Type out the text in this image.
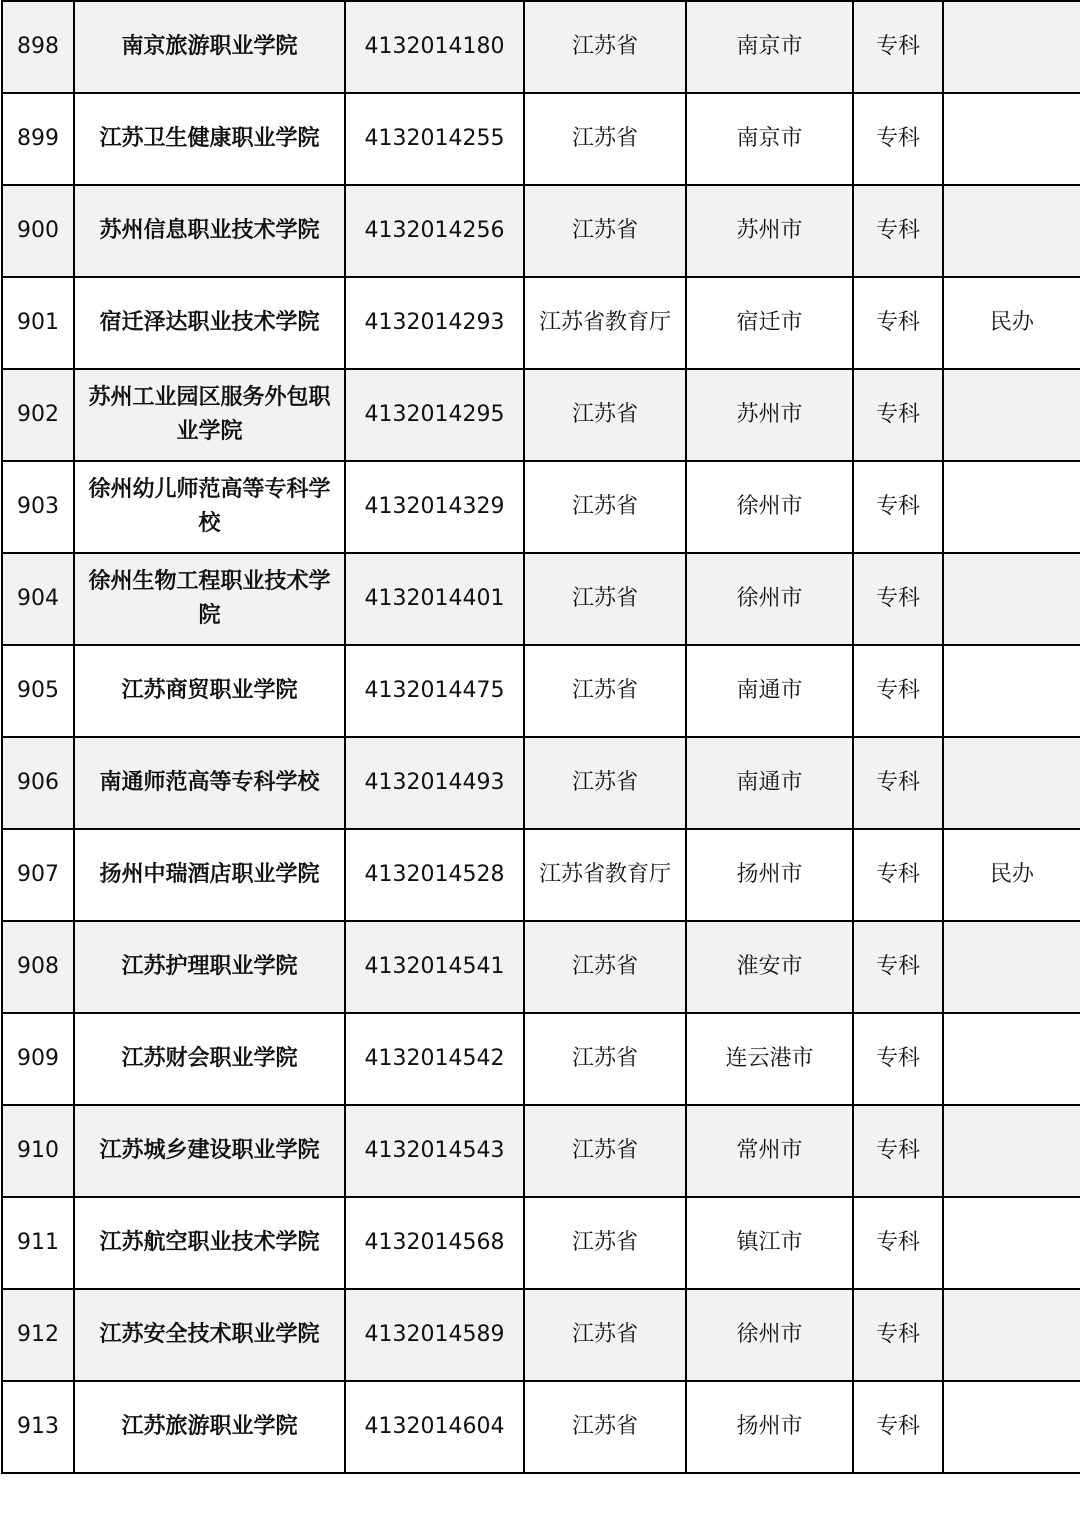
898	南京旅游职业学院	4132014180	江苏省	南京市	专科	
899	江苏卫生健康职业学院	4132014255	江苏省	南京市	专科	
900	苏州信息职业技术学院	4132014256	江苏省	苏州市	专科	
901	宿迁泽达职业技术学院	4132014293	江苏省教育厅	宿迁市	专科	民办
902	苏州工业园区服务外包职业学院	4132014295	江苏省	苏州市	专科	
903	徐州幼儿师范高等专科学校	4132014329	江苏省	徐州市	专科	
904	徐州生物工程职业技术学院	4132014401	江苏省	徐州市	专科	
905	江苏商贸职业学院	4132014475	江苏省	南通市	专科	
906	南通师范高等专科学校	4132014493	江苏省	南通市	专科	
907	扬州中瑞酒店职业学院	4132014528	江苏省教育厅	扬州市	专科	民办
908	江苏护理职业学院	4132014541	江苏省	淮安市	专科	
909	江苏财会职业学院	4132014542	江苏省	连云港市	专科	
910	江苏城乡建设职业学院	4132014543	江苏省	常州市	专科	
911	江苏航空职业技术学院	4132014568	江苏省	镇江市	专科	
912	江苏安全技术职业学院	4132014589	江苏省	徐州市	专科	
913	江苏旅游职业学院	4132014604	江苏省	扬州市	专科	
